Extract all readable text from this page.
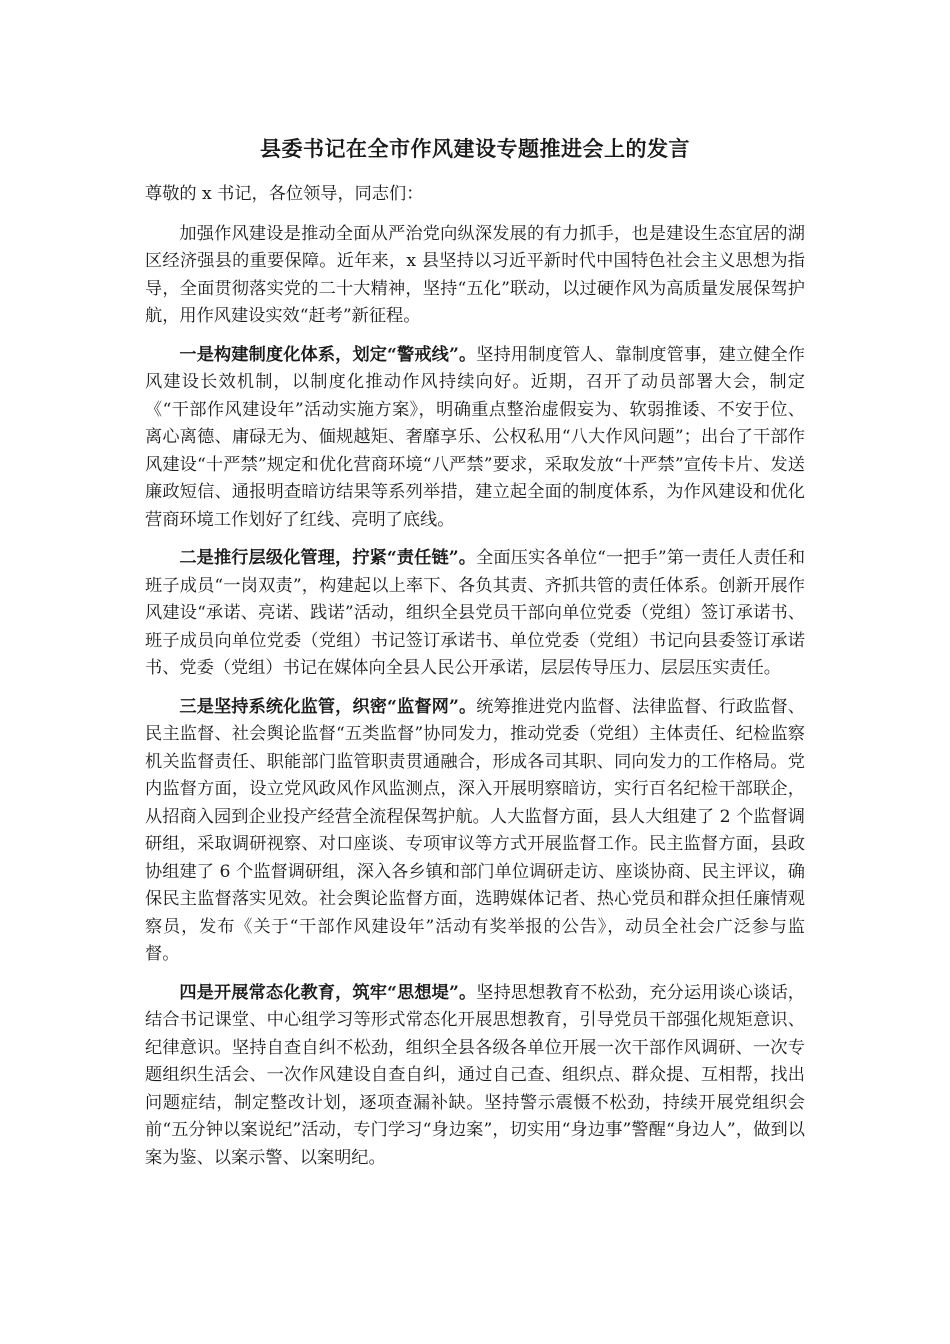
县委书记在全市作风建设专题推进会上的发言

尊敬的 x 书记，各位领导，同志们：

加强作风建设是推动全面从严治党向纵深发展的有力抓手，也是建设生态宜居的湖区经济强县的重要保障。近年来，x 县坚持以习近平新时代中国特色社会主义思想为指导，全面贯彻落实党的二十大精神，坚持“五化”联动，以过硬作风为高质量发展保驾护航，用作风建设实效“赶考”新征程。

一是构建制度化体系，划定“警戒线”。坚持用制度管人、靠制度管事，建立健全作风建设长效机制，以制度化推动作风持续向好。近期，召开了动员部署大会，制定《“干部作风建设年”活动实施方案》，明确重点整治虚假妄为、软弱推诿、不安于位、离心离德、庸碌无为、偭规越矩、奢靡享乐、公权私用“八大作风问题”；出台了干部作风建设“十严禁”规定和优化营商环境“八严禁”要求，采取发放“十严禁”宣传卡片、发送廉政短信、通报明查暗访结果等系列举措，建立起全面的制度体系，为作风建设和优化营商环境工作划好了红线、亮明了底线。

二是推行层级化管理，拧紧“责任链”。全面压实各单位“一把手”第一责任人责任和班子成员“一岗双责”，构建起以上率下、各负其责、齐抓共管的责任体系。创新开展作风建设“承诺、亮诺、践诺”活动，组织全县党员干部向单位党委（党组）签订承诺书、班子成员向单位党委（党组）书记签订承诺书、单位党委（党组）书记向县委签订承诺书、党委（党组）书记在媒体向全县人民公开承诺，层层传导压力、层层压实责任。

三是坚持系统化监管，织密“监督网”。统筹推进党内监督、法律监督、行政监督、民主监督、社会舆论监督“五类监督”协同发力，推动党委（党组）主体责任、纪检监察机关监督责任、职能部门监管职责贯通融合，形成各司其职、同向发力的工作格局。党内监督方面，设立党风政风作风监测点，深入开展明察暗访，实行百名纪检干部联企，从招商入园到企业投产经营全流程保驾护航。人大监督方面，县人大组建了 2 个监督调研组，采取调研视察、对口座谈、专项审议等方式开展监督工作。民主监督方面，县政协组建了 6 个监督调研组，深入各乡镇和部门单位调研走访、座谈协商、民主评议，确保民主监督落实见效。社会舆论监督方面，选聘媒体记者、热心党员和群众担任廉情观察员，发布《关于“干部作风建设年”活动有奖举报的公告》，动员全社会广泛参与监督。

四是开展常态化教育，筑牢“思想堤”。坚持思想教育不松劲，充分运用谈心谈话，结合书记课堂、中心组学习等形式常态化开展思想教育，引导党员干部强化规矩意识、纪律意识。坚持自查自纠不松劲，组织全县各级各单位开展一次干部作风调研、一次专题组织生活会、一次作风建设自查自纠，通过自己查、组织点、群众提、互相帮，找出问题症结，制定整改计划，逐项查漏补缺。坚持警示震慑不松劲，持续开展党组织会前“五分钟以案说纪”活动，专门学习“身边案”，切实用“身边事”警醒“身边人”，做到以案为鉴、以案示警、以案明纪。
